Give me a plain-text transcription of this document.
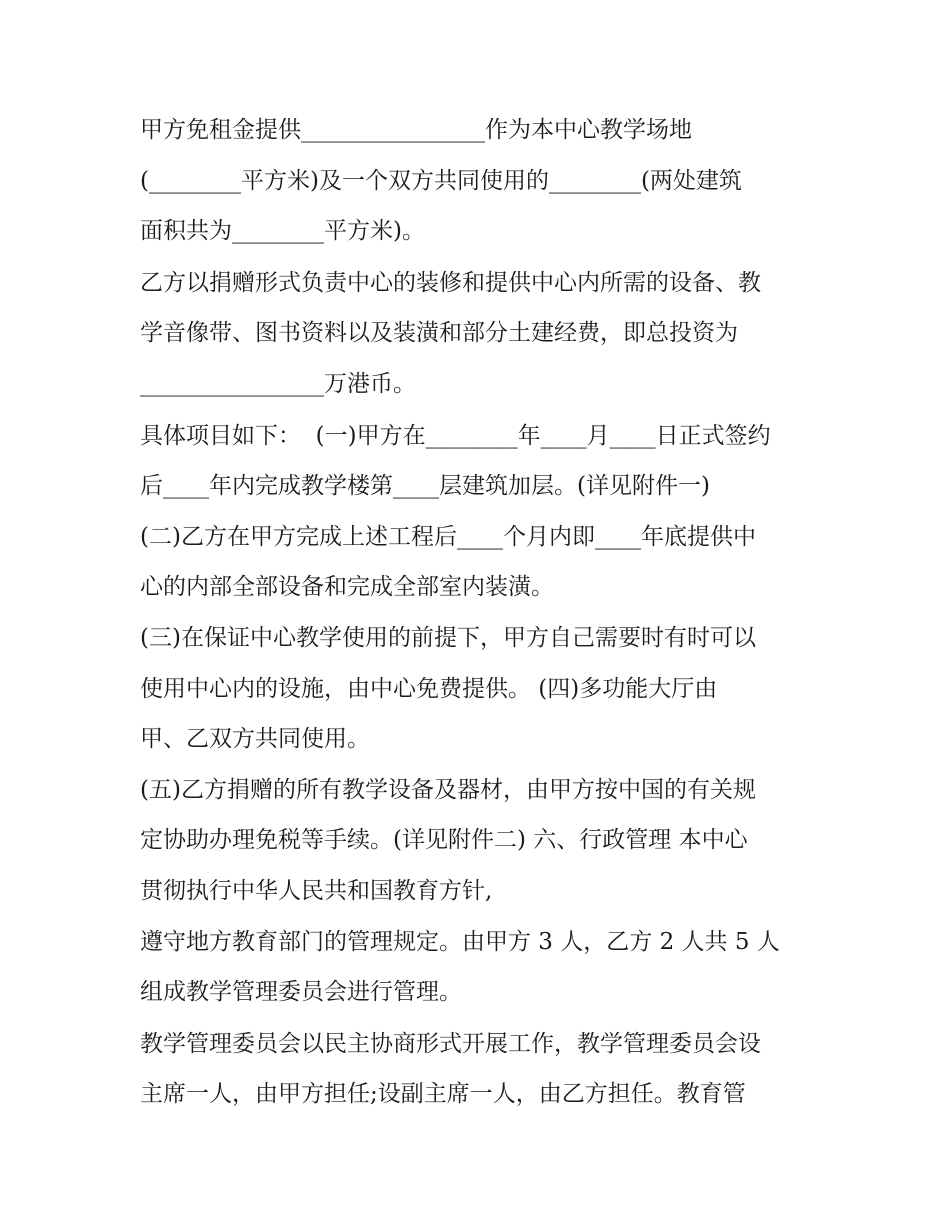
甲方免租金提供________________作为本中心教学场地
(________平方米)及一个双方共同使用的________(两处建筑
面积共为________平方米)。
乙方以捐赠形式负责中心的装修和提供中心内所需的设备、教
学音像带、图书资料以及装潢和部分土建经费，即总投资为
________________万港币。
具体项目如下：  (一)甲方在________年____月____日正式签约
后____年内完成教学楼第____层建筑加层。(详见附件一)
(二)乙方在甲方完成上述工程后____个月内即____年底提供中
心的内部全部设备和完成全部室内装潢。
(三)在保证中心教学使用的前提下，甲方自己需要时有时可以
使用中心内的设施，由中心免费提供。 (四)多功能大厅由
甲、乙双方共同使用。
(五)乙方捐赠的所有教学设备及器材，由甲方按中国的有关规
定协助办理免税等手续。(详见附件二) 六、行政管理 本中心
贯彻执行中华人民共和国教育方针,
遵守地方教育部门的管理规定。由甲方 3 人，乙方 2 人共 5 人
组成教学管理委员会进行管理。
教学管理委员会以民主协商形式开展工作，教学管理委员会设
主席一人，由甲方担任;设副主席一人，由乙方担任。教育管
